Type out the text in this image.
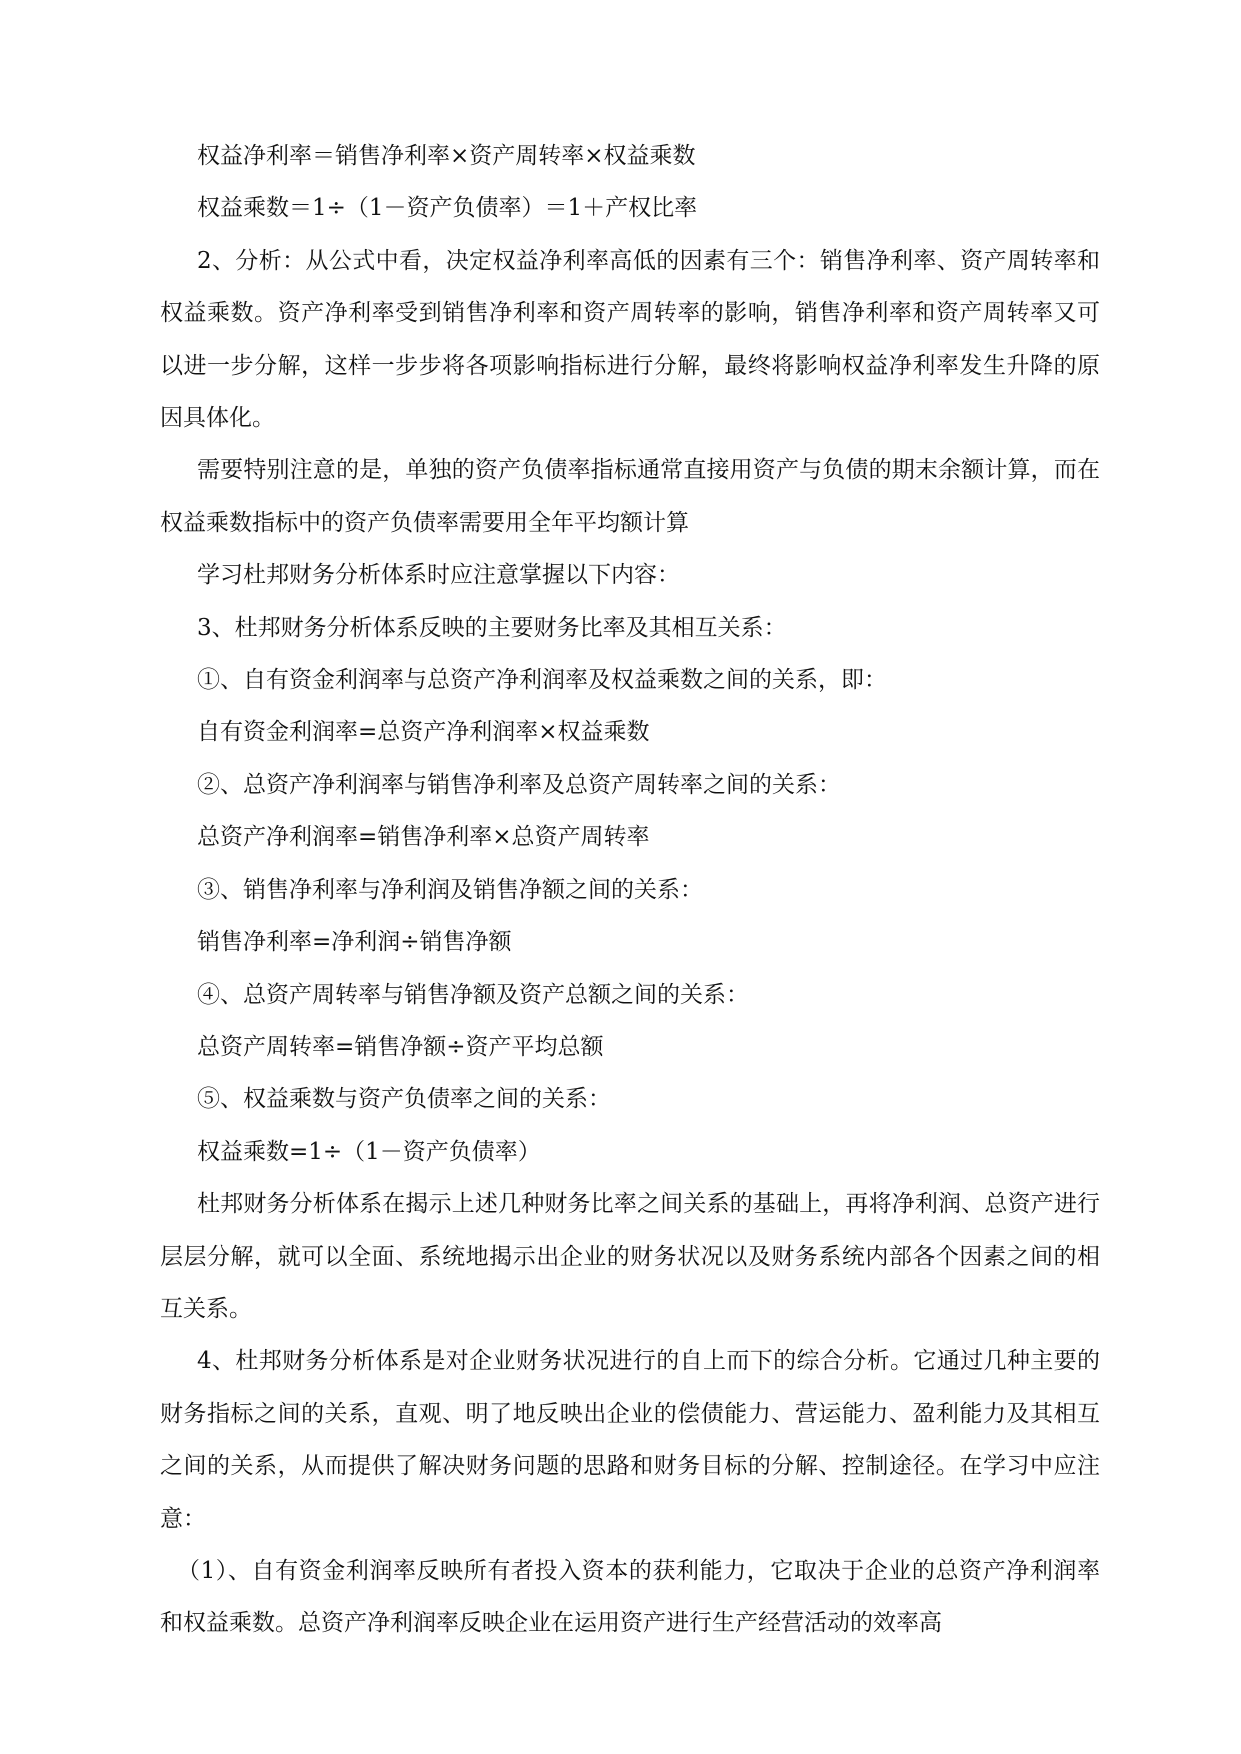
权益净利率＝销售净利率×资产周转率×权益乘数

权益乘数＝1÷（1－资产负债率）＝1＋产权比率

2、分析：从公式中看，决定权益净利率高低的因素有三个：销售净利率、资产周转率和权益乘数。资产净利率受到销售净利率和资产周转率的影响，销售净利率和资产周转率又可以进一步分解，这样一步步将各项影响指标进行分解，最终将影响权益净利率发生升降的原因具体化。

需要特别注意的是，单独的资产负债率指标通常直接用资产与负债的期末余额计算，而在权益乘数指标中的资产负债率需要用全年平均额计算

学习杜邦财务分析体系时应注意掌握以下内容：

3、杜邦财务分析体系反映的主要财务比率及其相互关系：

①、自有资金利润率与总资产净利润率及权益乘数之间的关系，即：

自有资金利润率=总资产净利润率×权益乘数

②、总资产净利润率与销售净利率及总资产周转率之间的关系：

总资产净利润率=销售净利率×总资产周转率

③、销售净利率与净利润及销售净额之间的关系：

销售净利率=净利润÷销售净额

④、总资产周转率与销售净额及资产总额之间的关系：

总资产周转率=销售净额÷资产平均总额

⑤、权益乘数与资产负债率之间的关系：

权益乘数=1÷（1－资产负债率）

杜邦财务分析体系在揭示上述几种财务比率之间关系的基础上，再将净利润、总资产进行层层分解，就可以全面、系统地揭示出企业的财务状况以及财务系统内部各个因素之间的相互关系。

4、杜邦财务分析体系是对企业财务状况进行的自上而下的综合分析。它通过几种主要的财务指标之间的关系，直观、明了地反映出企业的偿债能力、营运能力、盈利能力及其相互之间的关系，从而提供了解决财务问题的思路和财务目标的分解、控制途径。在学习中应注意：

（1）、自有资金利润率反映所有者投入资本的获利能力，它取决于企业的总资产净利润率和权益乘数。总资产净利润率反映企业在运用资产进行生产经营活动的效率高
